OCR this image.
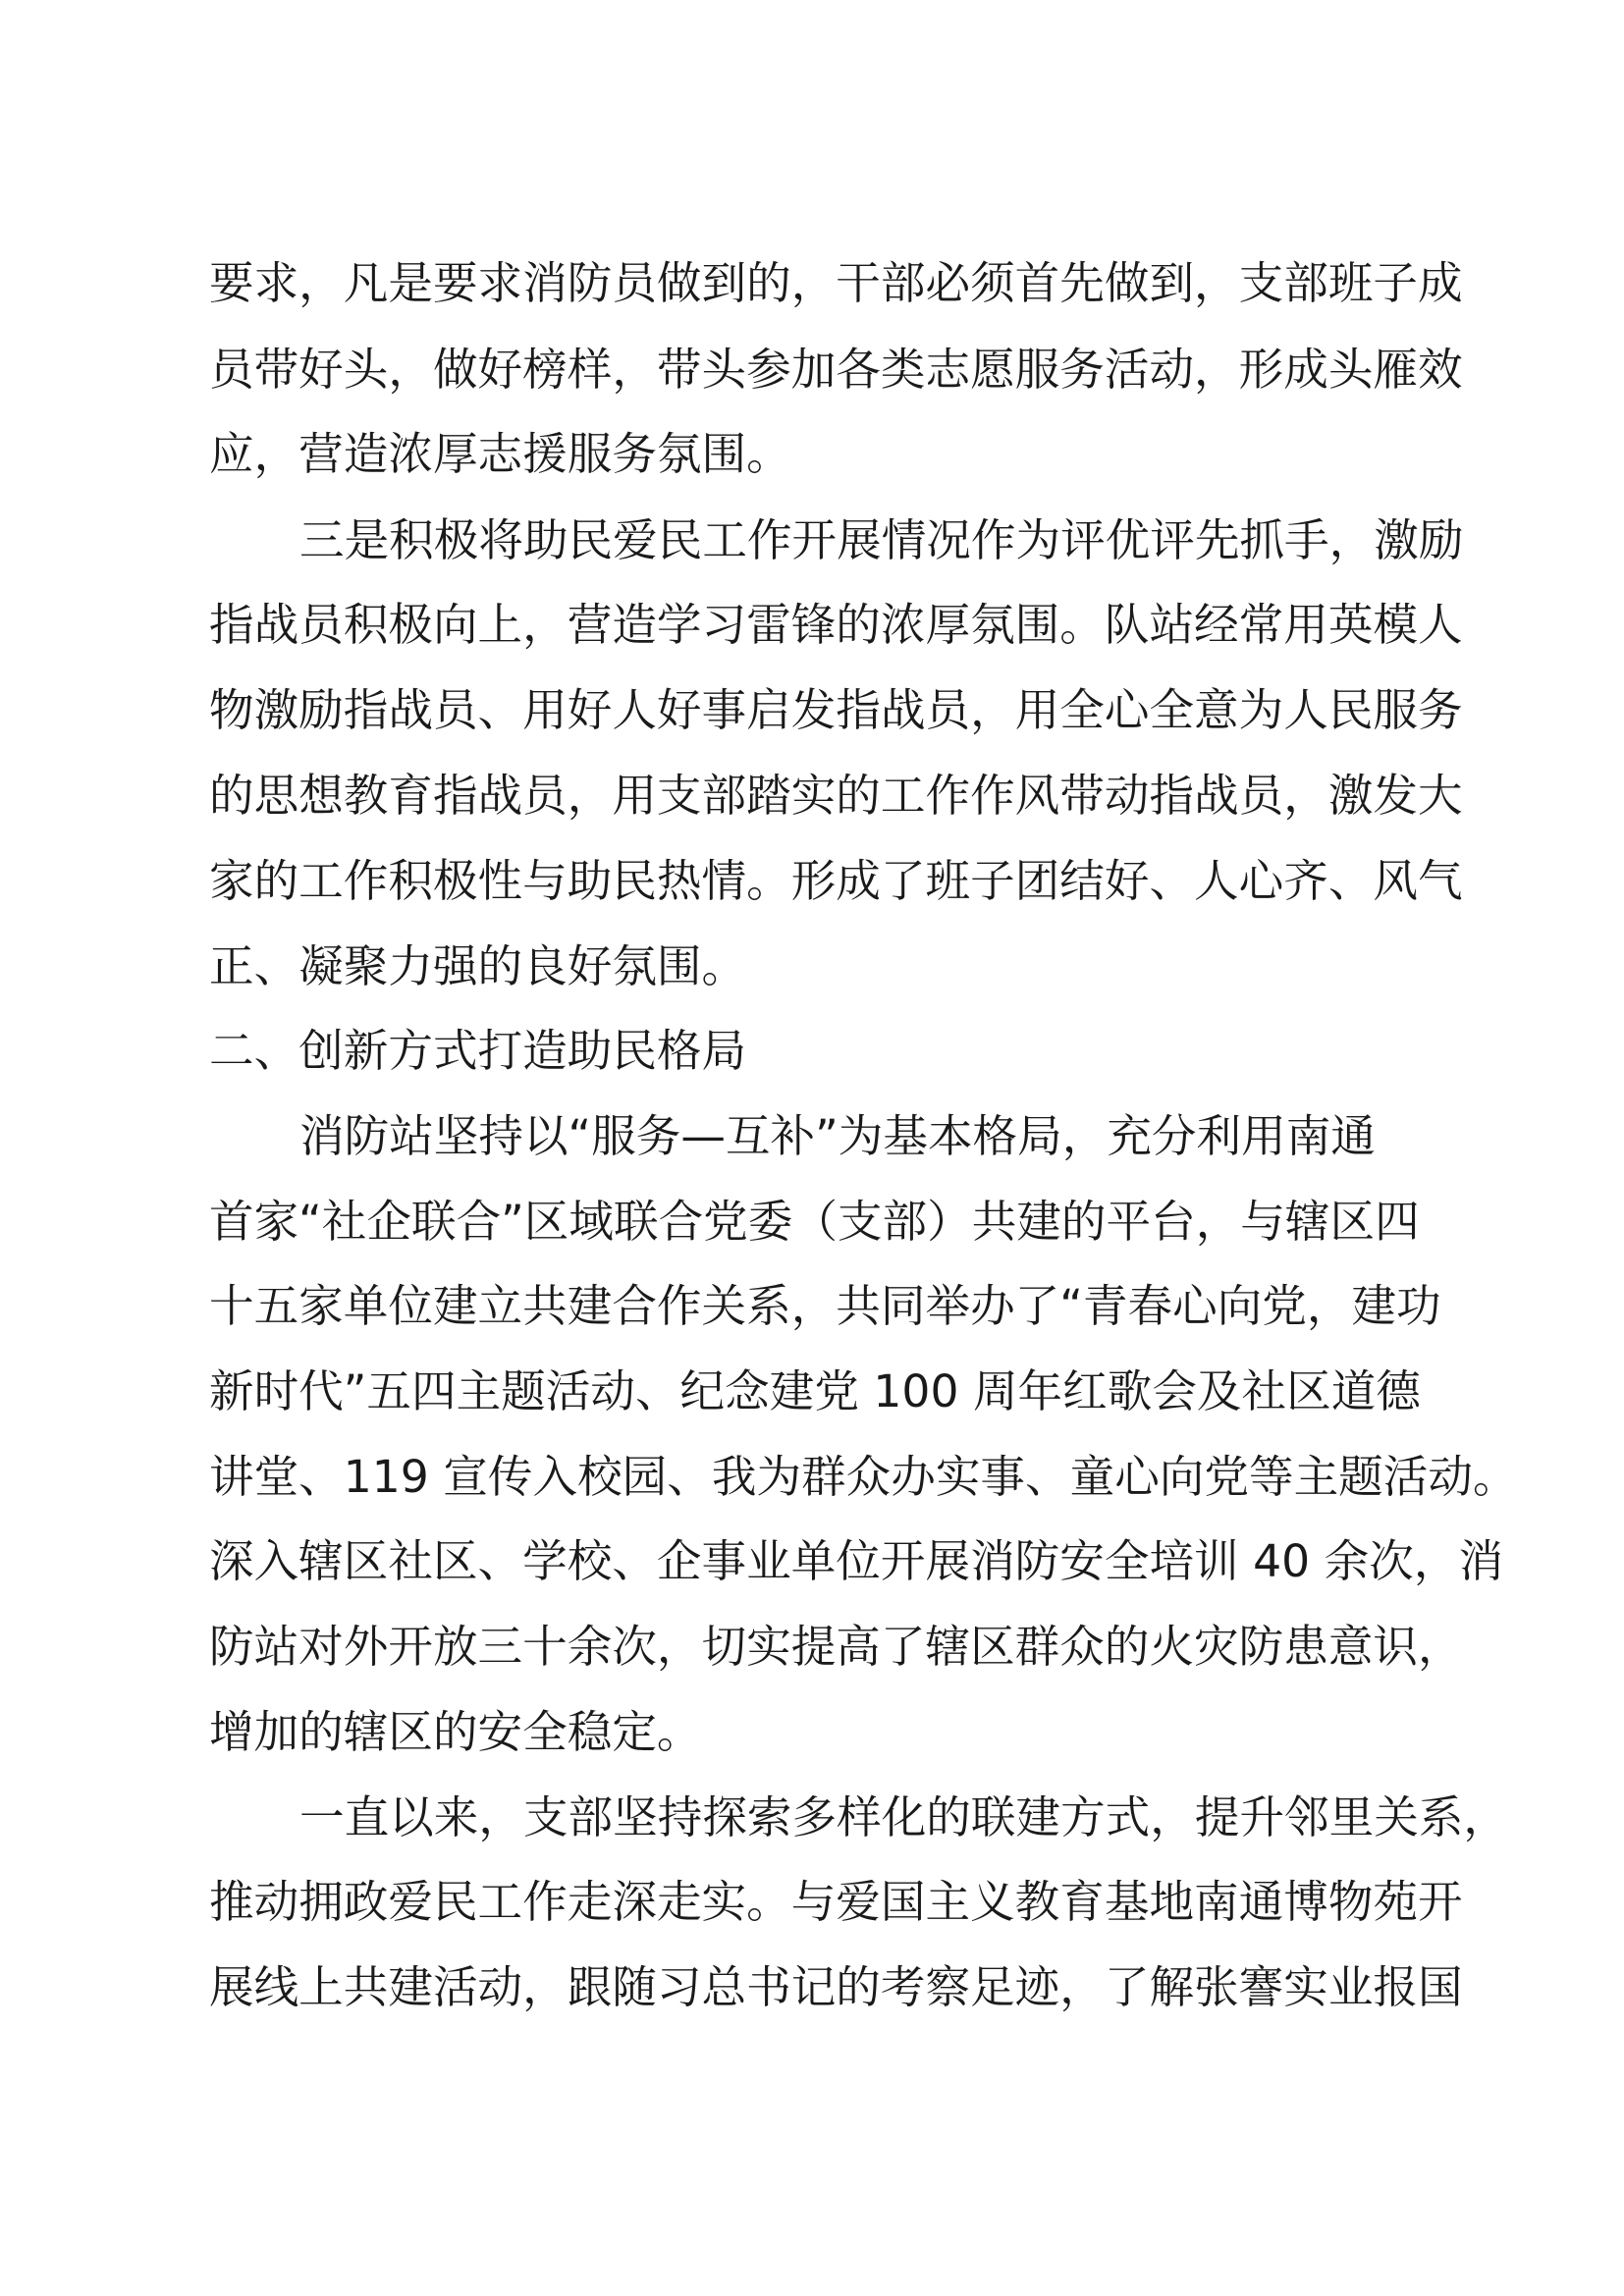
要求，凡是要求消防员做到的，干部必须首先做到，支部班子成
员带好头，做好榜样，带头参加各类志愿服务活动，形成头雁效
应，营造浓厚志援服务氛围。
三是积极将助民爱民工作开展情况作为评优评先抓手，激励
指战员积极向上，营造学习雷锋的浓厚氛围。队站经常用英模人
物激励指战员、用好人好事启发指战员，用全心全意为人民服务
的思想教育指战员，用支部踏实的工作作风带动指战员，激发大
家的工作积极性与助民热情。形成了班子团结好、人心齐、风气
正、凝聚力强的良好氛围。
二、创新方式打造助民格局
消防站坚持以“服务—互补”为基本格局，充分利用南通
首家“社企联合”区域联合党委（支部）共建的平台，与辖区四
十五家单位建立共建合作关系，共同举办了“青春心向党，建功
新时代”五四主题活动、纪念建党 100 周年红歌会及社区道德
讲堂、119 宣传入校园、我为群众办实事、童心向党等主题活动。
深入辖区社区、学校、企事业单位开展消防安全培训 40 余次，消
防站对外开放三十余次，切实提高了辖区群众的火灾防患意识，
增加的辖区的安全稳定。
一直以来，支部坚持探索多样化的联建方式，提升邻里关系，
推动拥政爱民工作走深走实。与爱国主义教育基地南通博物苑开
展线上共建活动，跟随习总书记的考察足迹，了解张謇实业报国
